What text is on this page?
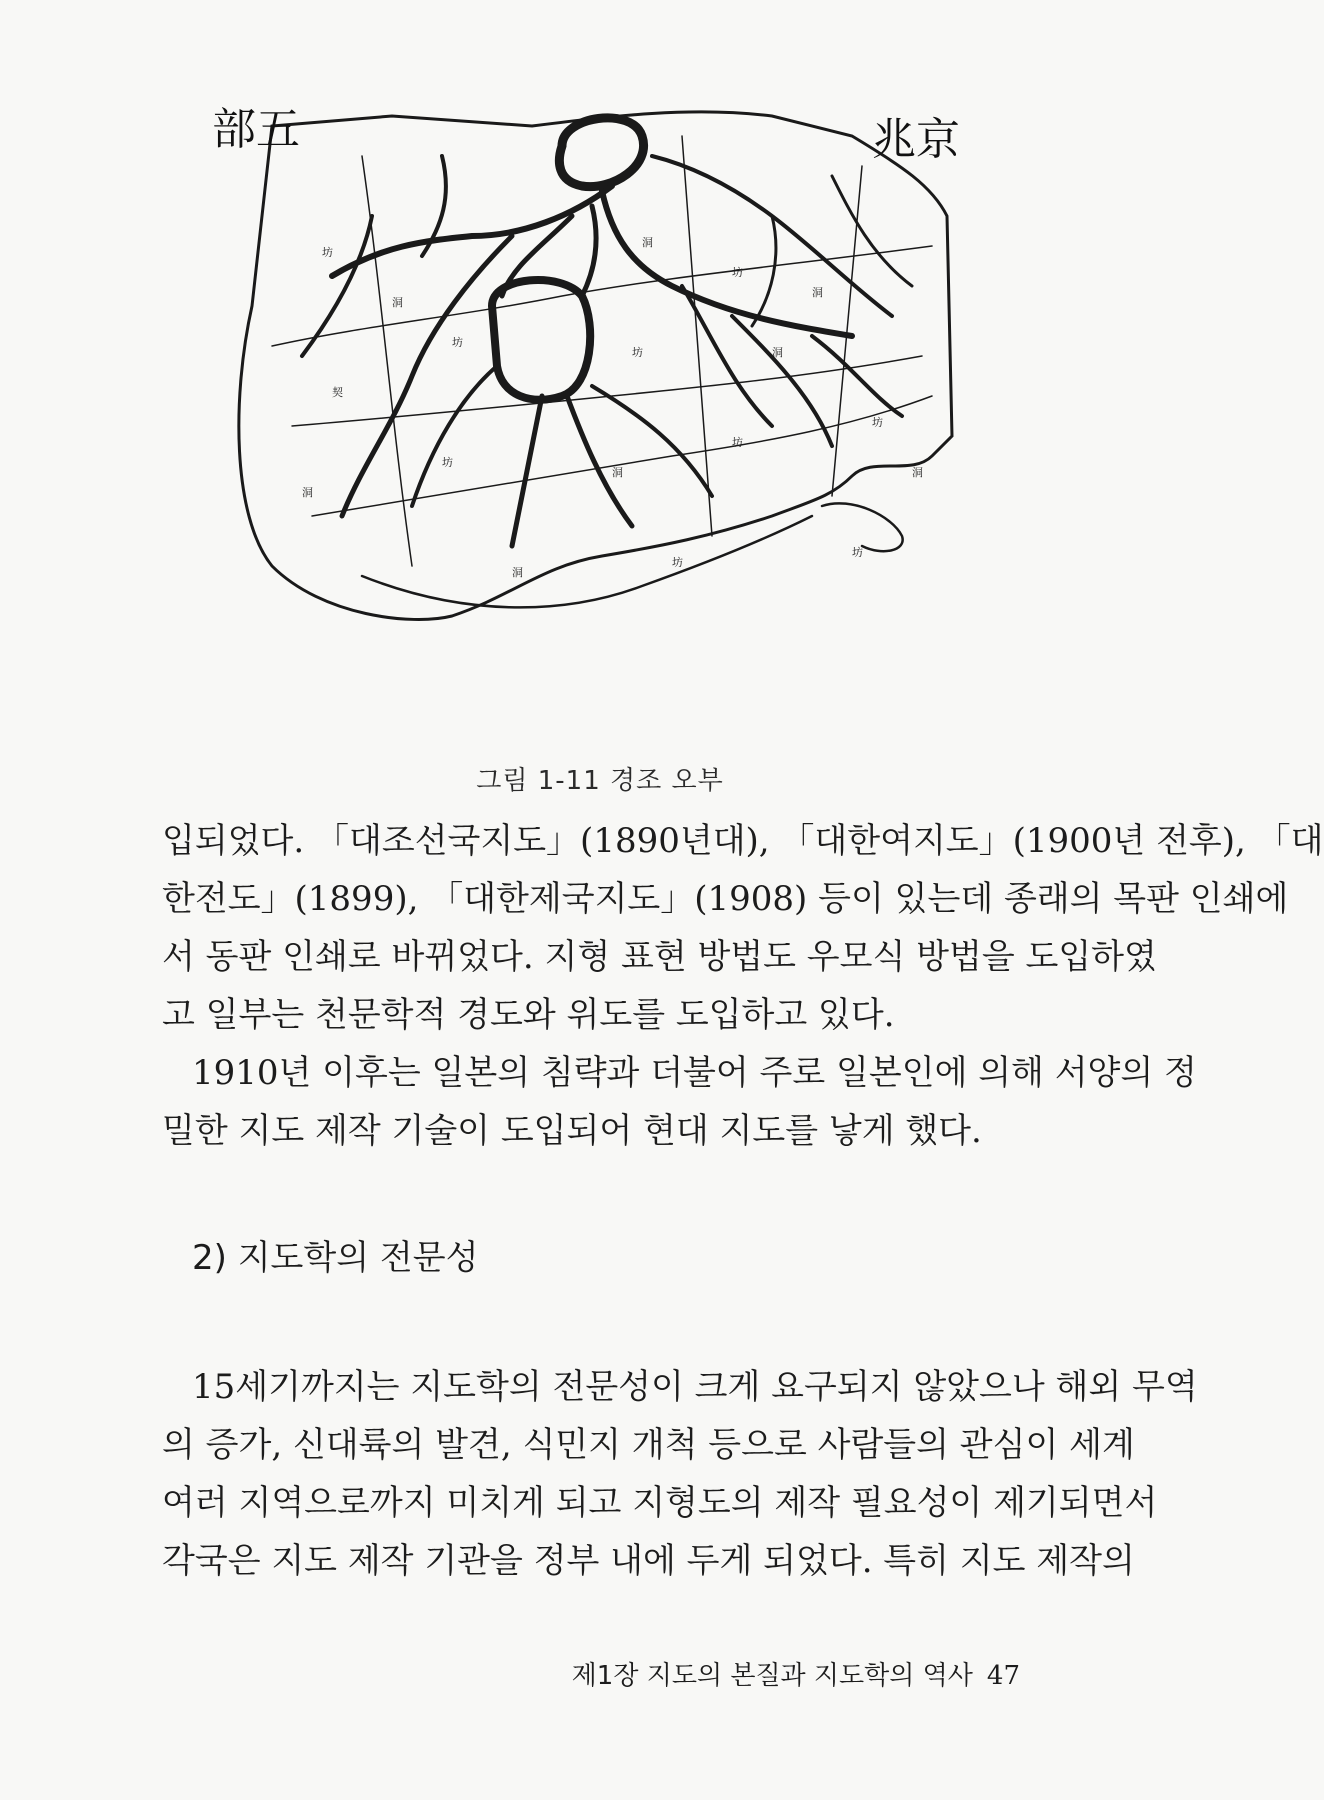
坊
洞
坊
洞
坊
洞
契
坊	洞
坊
洞
坊
洞
坊
洞
坊
洞
坊
部五	兆京
그림 1-11 경조 오부
입되었다. 「대조선국지도」(1890년대), 「대한여지도」(1900년 전후), 「대
한전도」(1899), 「대한제국지도」(1908) 등이 있는데 종래의 목판 인쇄에
서 동판 인쇄로 바뀌었다. 지형 표현 방법도 우모식 방법을 도입하였
고 일부는 천문학적 경도와 위도를 도입하고 있다.
1910년 이후는 일본의 침략과 더불어 주로 일본인에 의해 서양의 정
밀한 지도 제작 기술이 도입되어 현대 지도를 낳게 했다.
2) 지도학의 전문성
15세기까지는 지도학의 전문성이 크게 요구되지 않았으나 해외 무역
의 증가, 신대륙의 발견, 식민지 개척 등으로 사람들의 관심이 세계
여러 지역으로까지 미치게 되고 지형도의 제작 필요성이 제기되면서
각국은 지도 제작 기관을 정부 내에 두게 되었다. 특히 지도 제작의
제1장 지도의 본질과 지도학의 역사 47
